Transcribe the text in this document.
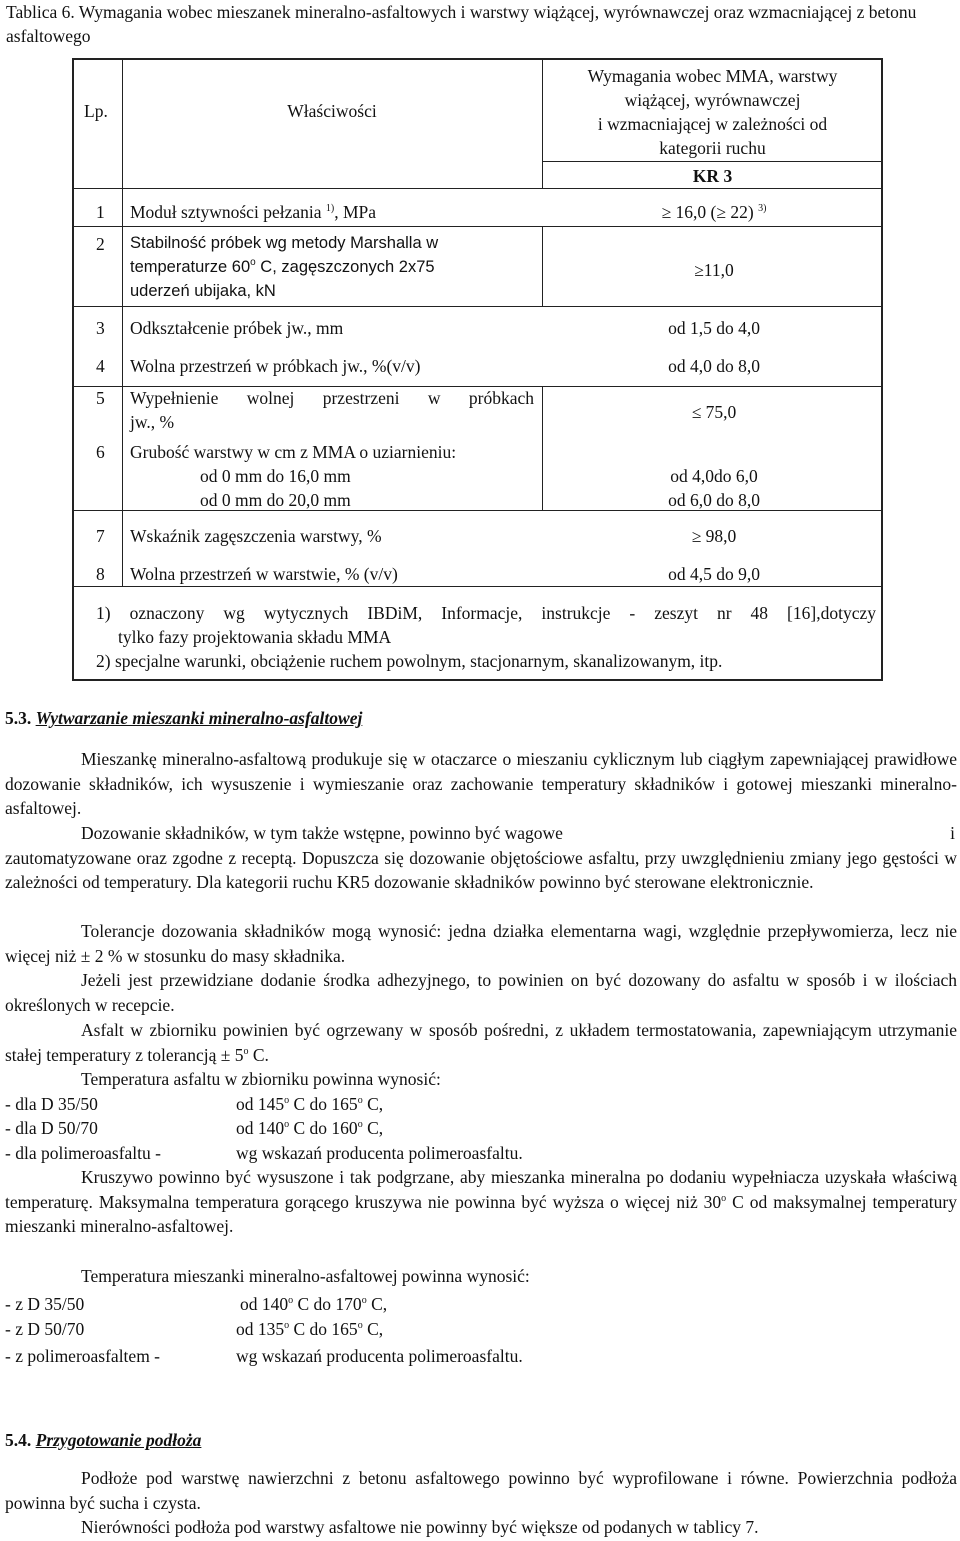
Tablica 6. Wymagania wobec mieszanek mineralno-asfaltowych i warstwy wiążącej, wyrównawczej oraz wzmacniającej z betonu asfaltowego
Lp.	Właściwości
Wymagania wobec MMA, warstwy
wiążącej, wyrównawczej
i wzmacniającej w zależności od
kategorii ruchu
KR 3
1 Moduł sztywności pełzania $^{1)}$, MPa	≥ 16,0 (≥ 22) $^{3)}$
2 Stabilność próbek wg metody Marshalla w
temperaturze 60$^o$ C, zagęszczonych 2x75
uderzeń ubijaka, kN
≥11,0
3 Odkształcenie próbek jw., mm	od 1,5 do 4,0
4 Wolna przestrzeń w próbkach jw., %(v/v)	od 4,0 do 8,0
5 Wypełnienie wolnej przestrzeni w próbkach
jw., %	≤ 75,0
6 Grubość warstwy w cm z MMA o uziarnieniu:
od 0 mm do 16,0 mm
od 0 mm do 20,0 mm
od 4,0do 6,0
od 6,0 do 8,0
7 Wskaźnik zagęszczenia warstwy, %	≥ 98,0
8 Wolna przestrzeń w warstwie, % (v/v)	od 4,5 do 9,0
1) oznaczony wg wytycznych IBDiM, Informacje, instrukcje - zeszyt nr 48 [16],dotyczy
tylko fazy projektowania składu MMA
2) specjalne warunki, obciążenie ruchem powolnym, stacjonarnym, skanalizowanym, itp.
5.3. Wytwarzanie mieszanki mineralno-asfaltowej
Mieszankę mineralno-asfaltową produkuje się w otaczarce o mieszaniu cyklicznym lub ciągłym zapewniającej prawidłowe dozowanie składników, ich wysuszenie i wymieszanie oraz zachowanie temperatury składników i gotowej mieszanki mineralno-asfaltowej.
Dozowanie składników, w tym także wstępne, powinno być wagowe	i
zautomatyzowane oraz zgodne z receptą. Dopuszcza się dozowanie objętościowe asfaltu, przy uwzględnieniu zmiany jego gęstości w zależności od temperatury. Dla kategorii ruchu KR5 dozowanie składników powinno być sterowane elektronicznie.
Tolerancje dozowania składników mogą wynosić: jedna działka elementarna wagi, względnie przepływomierza, lecz nie więcej niż ± 2 % w stosunku do masy składnika.
Jeżeli jest przewidziane dodanie środka adhezyjnego, to powinien on być dozowany do asfaltu w sposób i w ilościach określonych w recepcie.
Asfalt w zbiorniku powinien być ogrzewany w sposób pośredni, z układem termostatowania, zapewniającym utrzymanie stałej temperatury z tolerancją ± $5^o$ C.
Temperatura asfaltu w zbiorniku powinna wynosić:
- dla D 35/50	od 145$^o$ C do 165$^o$ C,
- dla D 50/70	od 140$^o$ C do 160$^o$ C,
- dla polimeroasfaltu -	wg wskazań producenta polimeroasfaltu.
Kruszywo powinno być wysuszone i tak podgrzane, aby mieszanka mineralna po dodaniu wypełniacza uzyskała właściwą temperaturę. Maksymalna temperatura gorącego kruszywa nie powinna być wyższa o więcej niż 30$^o$ C od maksymalnej temperatury mieszanki mineralno-asfaltowej.
Temperatura mieszanki mineralno-asfaltowej powinna wynosić:
- z D 35/50	od 140$^o$ C do 170$^o$ C,
- z D 50/70	od 135$^o$ C do 165$^o$ C,
- z polimeroasfaltem -	wg wskazań producenta polimeroasfaltu.
5.4. Przygotowanie podłoża
Podłoże pod warstwę nawierzchni z betonu asfaltowego powinno być wyprofilowane i równe. Powierzchnia podłoża powinna być sucha i czysta.
Nierówności podłoża pod warstwy asfaltowe nie powinny być większe od podanych w tablicy 7.
